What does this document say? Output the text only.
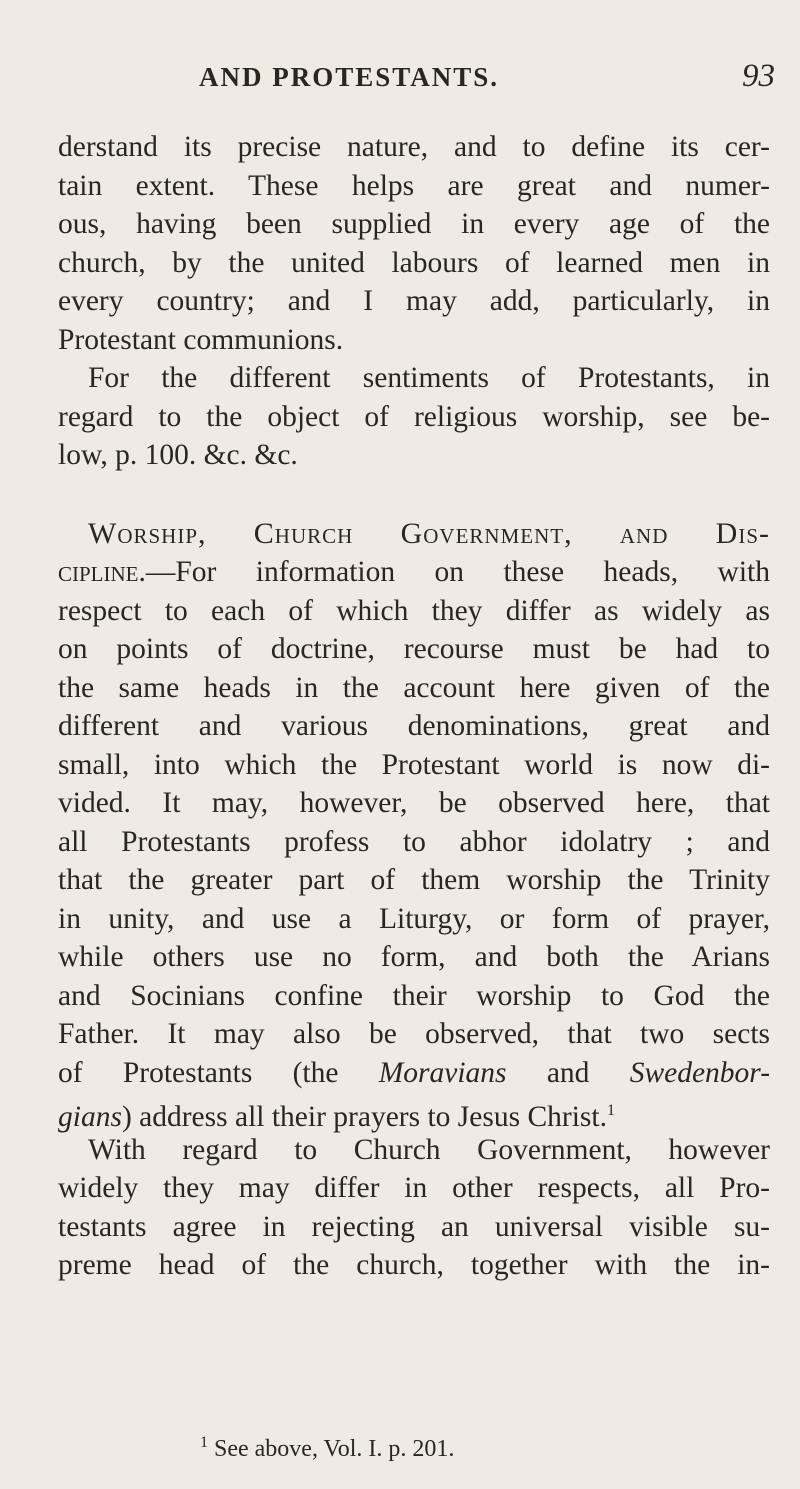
AND PROTESTANTS.	93
derstand its precise nature, and to define its cer-
tain extent. These helps are great and numer-
ous, having been supplied in every age of the
church, by the united labours of learned men in
every country; and I may add, particularly, in
Protestant communions.
For the different sentiments of Protestants, in
regard to the object of religious worship, see be-
low, p. 100. &c. &c.
Worship, Church Government, and Dis-
cipline.—For information on these heads, with
respect to each of which they differ as widely as
on points of doctrine, recourse must be had to
the same heads in the account here given of the
different and various denominations, great and
small, into which the Protestant world is now di-
vided. It may, however, be observed here, that
all Protestants profess to abhor idolatry ; and
that the greater part of them worship the Trinity
in unity, and use a Liturgy, or form of prayer,
while others use no form, and both the Arians
and Socinians confine their worship to God the
Father. It may also be observed, that two sects
of Protestants (the Moravians and Swedenbor-
gians) address all their prayers to Jesus Christ.$^1$
With regard to Church Government, however
widely they may differ in other respects, all Pro-
testants agree in rejecting an universal visible su-
preme head of the church, together with the in-
$^1$ See above, Vol. I. p. 201.
